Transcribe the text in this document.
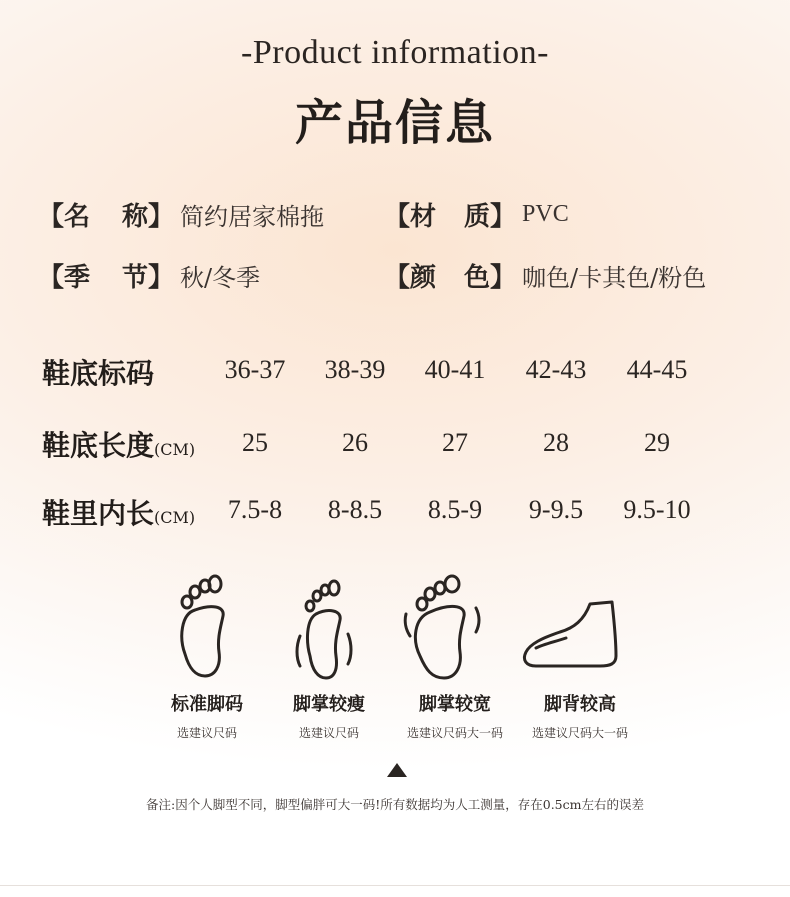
-Product information-
产品信息
【 名 称 】 简约居家棉拖 【 材 质 】 PVC
【 季 节 】 秋/冬季	【 颜 色 】 咖色/卡其色/粉色
鞋底标码	36-37	38-39	40-41	42-43	44-45
鞋底长度(CM)	25	26	27	28	29
鞋里内长(CM)	7.5-8	8-8.5	8.5-9	9-9.5	9.5-10
标准脚码
选建议尺码
脚掌较瘦
选建议尺码
脚掌较宽
选建议尺码大一码
脚背较高
选建议尺码大一码
备注:因个人脚型不同，脚型偏胖可大一码!所有数据均为人工测量，存在0.5cm左右的误差
